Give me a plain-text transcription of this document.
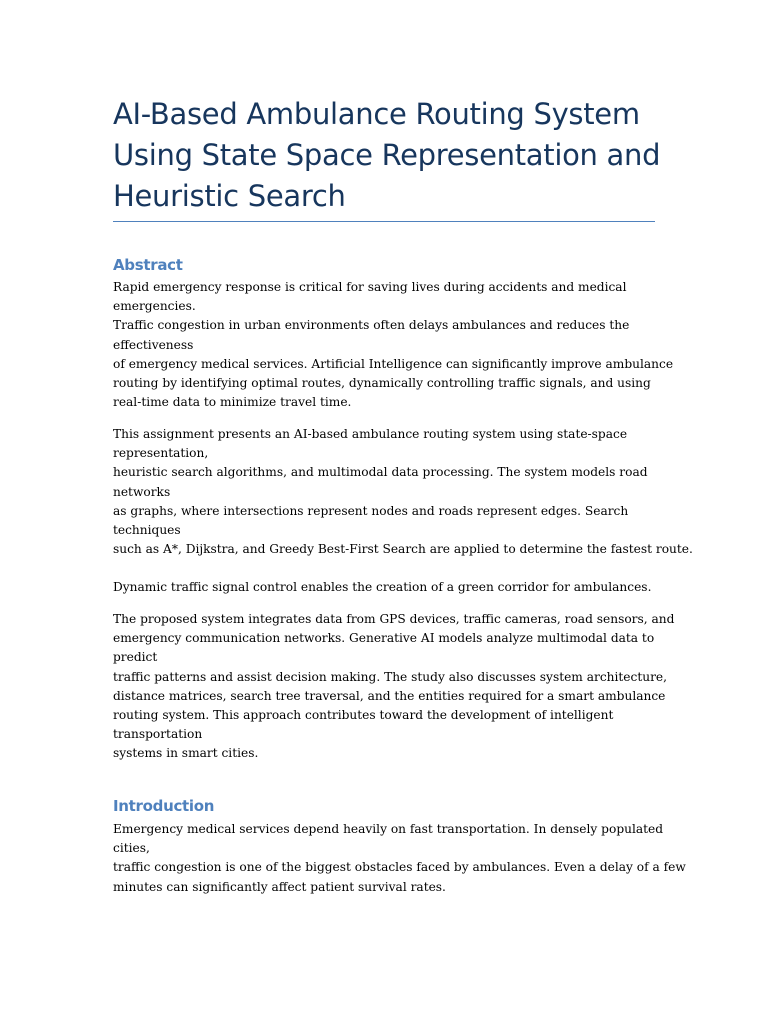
AI-Based Ambulance Routing System
Using State Space Representation and
Heuristic Search
Abstract

Rapid emergency response is critical for saving lives during accidents and medical
emergencies.
Traffic congestion in urban environments often delays ambulances and reduces the
effectiveness
of emergency medical services. Artificial Intelligence can significantly improve ambulance
routing by identifying optimal routes, dynamically controlling traffic signals, and using
real-time data to minimize travel time.

This assignment presents an AI-based ambulance routing system using state-space
representation,
heuristic search algorithms, and multimodal data processing. The system models road
networks
as graphs, where intersections represent nodes and roads represent edges. Search
techniques
such as A*, Dijkstra, and Greedy Best-First Search are applied to determine the fastest route.

Dynamic traffic signal control enables the creation of a green corridor for ambulances.

The proposed system integrates data from GPS devices, traffic cameras, road sensors, and
emergency communication networks. Generative AI models analyze multimodal data to
predict
traffic patterns and assist decision making. The study also discusses system architecture,
distance matrices, search tree traversal, and the entities required for a smart ambulance
routing system. This approach contributes toward the development of intelligent
transportation
systems in smart cities.

Introduction

Emergency medical services depend heavily on fast transportation. In densely populated
cities,
traffic congestion is one of the biggest obstacles faced by ambulances. Even a delay of a few
minutes can significantly affect patient survival rates.
